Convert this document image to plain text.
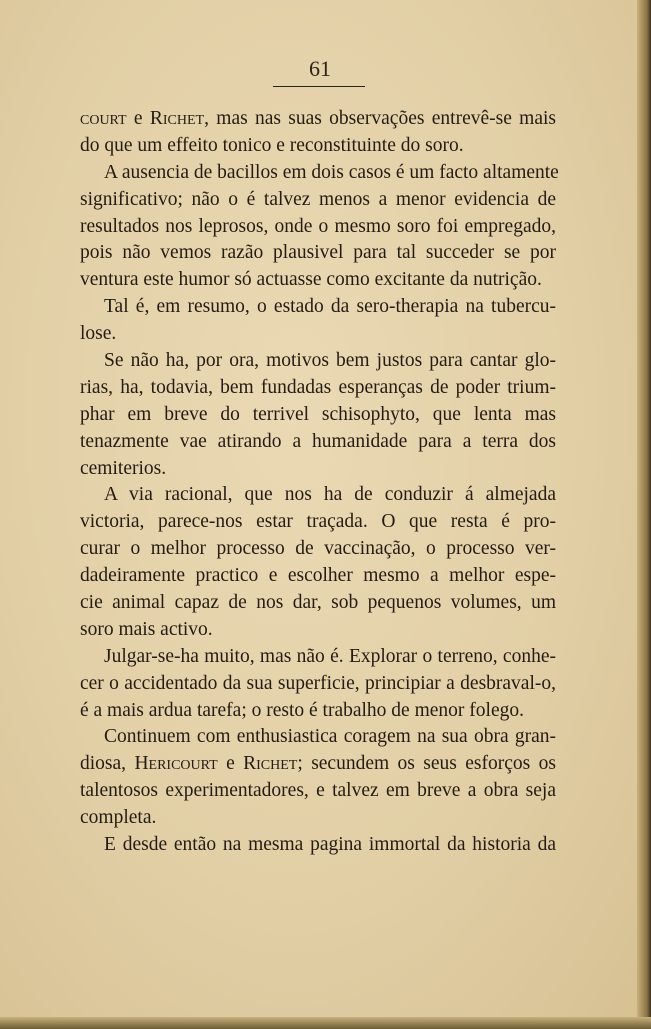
61
court e Richet, mas nas suas observações entrevê-se mais
do que um effeito tonico e reconstituinte do soro.
A ausencia de bacillos em dois casos é um facto altamente
significativo; não o é talvez menos a menor evidencia de
resultados nos leprosos, onde o mesmo soro foi empregado,
pois não vemos razão plausivel para tal succeder se por
ventura este humor só actuasse como excitante da nutrição.
Tal é, em resumo, o estado da sero-therapia na tubercu-
lose.
Se não ha, por ora, motivos bem justos para cantar glo-
rias, ha, todavia, bem fundadas esperanças de poder trium-
phar em breve do terrivel schisophyto, que lenta mas
tenazmente vae atirando a humanidade para a terra dos
cemiterios.
A via racional, que nos ha de conduzir á almejada
victoria, parece-nos estar traçada. O que resta é pro-
curar o melhor processo de vaccinação, o processo ver-
dadeiramente practico e escolher mesmo a melhor espe-
cie animal capaz de nos dar, sob pequenos volumes, um
soro mais activo.
Julgar-se-ha muito, mas não é. Explorar o terreno, conhe-
cer o accidentado da sua superficie, principiar a desbraval-o,
é a mais ardua tarefa; o resto é trabalho de menor folego.
Continuem com enthusiastica coragem na sua obra gran-
diosa, Hericourt e Richet; secundem os seus esforços os
talentosos experimentadores, e talvez em breve a obra seja
completa.
E desde então na mesma pagina immortal da historia da
